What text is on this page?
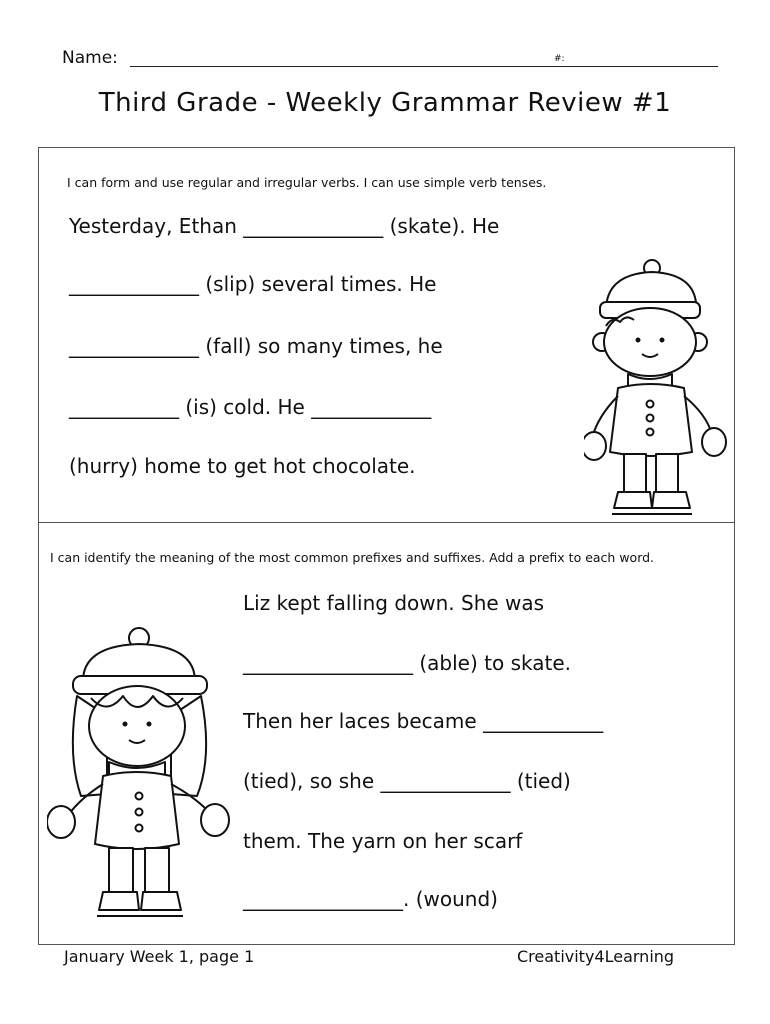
Name:	#:
Third Grade - Weekly Grammar Review #1
I can form and use regular and irregular verbs. I can use simple verb tenses.
Yesterday, Ethan ______________ (skate). He
_____________ (slip) several times. He
_____________ (fall) so many times, he
___________ (is) cold. He ____________
(hurry) home to get hot chocolate.
I can identify the meaning of the most common prefixes and suffixes. Add a prefix to each word.
Liz kept falling down. She was
_________________ (able) to skate.
Then her laces became ____________
(tied), so she _____________ (tied)
them. The yarn on her scarf
________________. (wound)
January Week 1, page 1	Creativity4Learning
